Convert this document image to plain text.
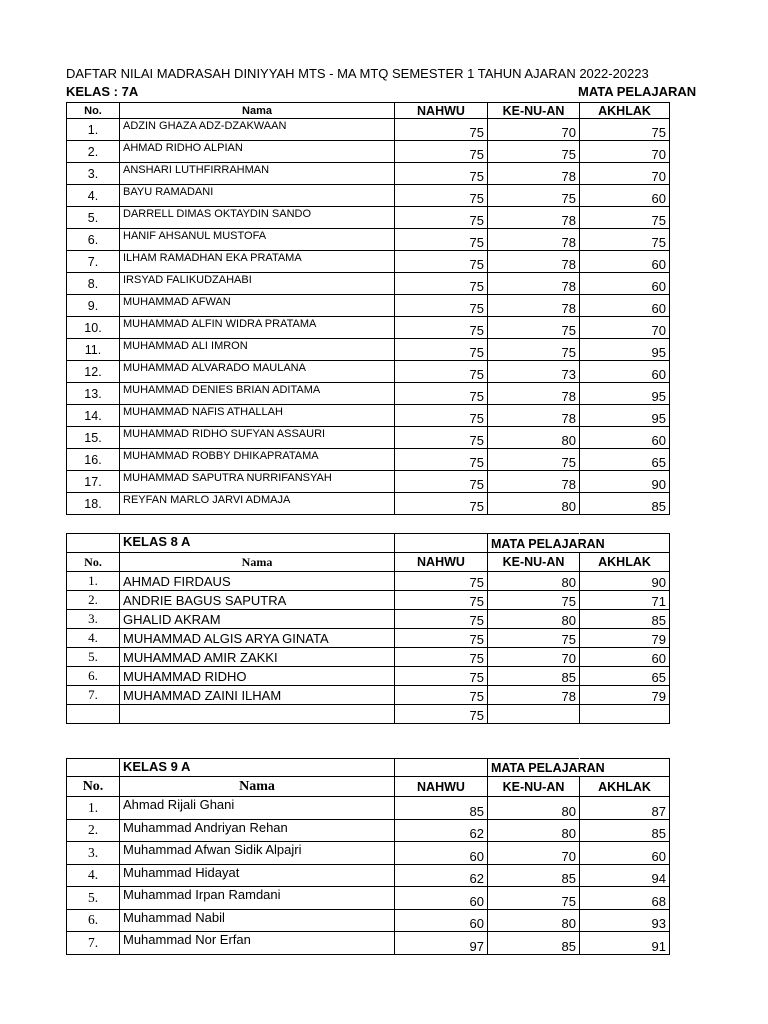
DAFTAR NILAI MADRASAH DINIYYAH MTS - MA MTQ SEMESTER 1 TAHUN AJARAN 2022-20223
KELAS : 7A	MATA PELAJARAN
No.	Nama	NAHWU	KE-NU-AN	AKHLAK
1.	ADZIN GHAZA ADZ-DZAKWAAN	75	70	75
2.	AHMAD RIDHO ALPIAN	75	75	70
3.	ANSHARI LUTHFIRRAHMAN	75	78	70
4.	BAYU RAMADANI	75	75	60
5.	DARRELL DIMAS OKTAYDIN SANDO	75	78	75
6.	HANIF AHSANUL MUSTOFA	75	78	75
7.	ILHAM RAMADHAN EKA PRATAMA	75	78	60
8.	IRSYAD FALIKUDZAHABI	75	78	60
9.	MUHAMMAD AFWAN	75	78	60
10.	MUHAMMAD ALFIN WIDRA PRATAMA	75	75	70
11.	MUHAMMAD ALI IMRON	75	75	95
12.	MUHAMMAD ALVARADO MAULANA	75	73	60
13.	MUHAMMAD DENIES BRIAN ADITAMA	75	78	95
14.	MUHAMMAD NAFIS ATHALLAH	75	78	95
15.	MUHAMMAD RIDHO SUFYAN ASSAURI	75	80	60
16.	MUHAMMAD ROBBY DHIKAPRATAMA	75	75	65
17.	MUHAMMAD SAPUTRA NURRIFANSYAH	75	78	90
18.	REYFAN MARLO JARVI ADMAJA	75	80	85
	KELAS 8 A		MATA PELAJARAN	
No.	Nama	NAHWU	KE-NU-AN	AKHLAK
1.	AHMAD FIRDAUS	75	80	90
2.	ANDRIE BAGUS SAPUTRA	75	75	71
3.	GHALID AKRAM	75	80	85
4.	MUHAMMAD ALGIS ARYA GINATA	75	75	79
5.	MUHAMMAD AMIR ZAKKI	75	70	60
6.	MUHAMMAD RIDHO	75	85	65
7.	MUHAMMAD ZAINI ILHAM	75	78	79
		75		
	KELAS 9 A		MATA PELAJARAN	
No.	Nama	NAHWU	KE-NU-AN	AKHLAK
1.	Ahmad Rijali Ghani	85	80	87
2.	Muhammad Andriyan Rehan	62	80	85
3.	Muhammad Afwan Sidik Alpajri	60	70	60
4.	Muhammad Hidayat	62	85	94
5.	Muhammad Irpan Ramdani	60	75	68
6.	Muhammad Nabil	60	80	93
7.	Muhammad Nor Erfan	97	85	91
